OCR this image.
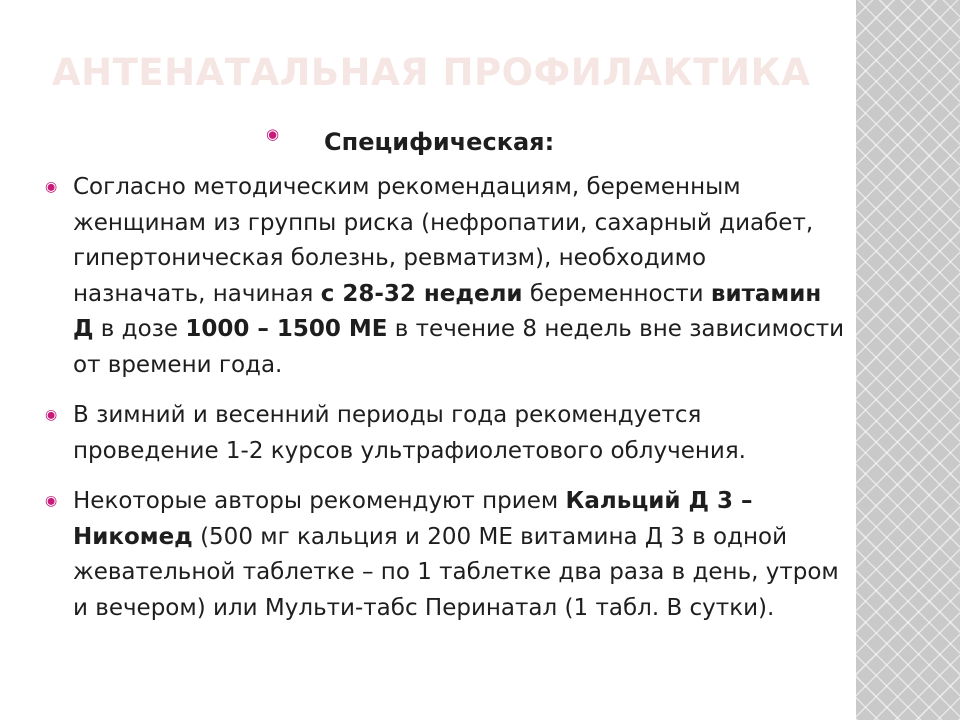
АНТЕНАТАЛЬНАЯ ПРОФИЛАКТИКА
◉ Специфическая:
◉ Согласно методическим рекомендациям, беременным женщинам из группы риска (нефропатии, сахарный диабет, гипертоническая болезнь, ревматизм), необходимо назначать, начиная с 28-32 недели беременности витамин Д в дозе 1000 – 1500 МЕ в течение 8 недель вне зависимости от времени года.
◉ В зимний и весенний периоды года рекомендуется проведение 1-2 курсов ультрафиолетового облучения.
◉ Некоторые авторы рекомендуют прием Кальций Д 3 – Никомед (500 мг кальция и 200 МЕ витамина Д 3 в одной жевательной таблетке – по 1 таблетке два раза в день, утром и вечером) или Мульти-табс Перинатал (1 табл. В сутки).
